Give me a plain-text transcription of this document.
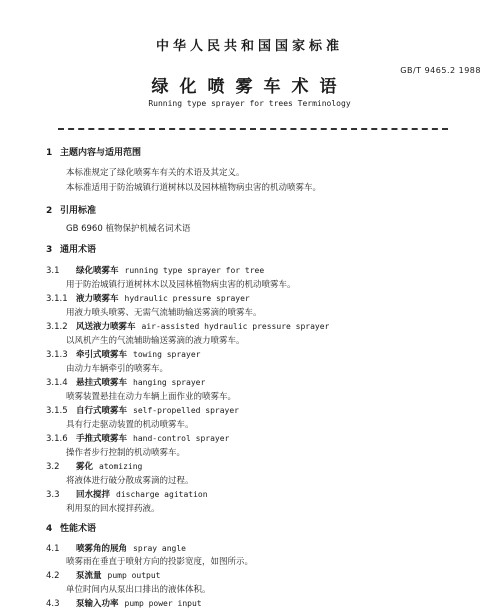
中华人民共和国国家标准
GB/T 9465.2 1988
绿化喷雾车术语
Running type sprayer for trees Terminology
1 主题内容与适用范围
本标准规定了绿化喷雾车有关的术语及其定义。
本标准适用于防治城镇行道树林以及园林植物病虫害的机动喷雾车。
2 引用标准
GB 6960 植物保护机械名词术语
3 通用术语
3.1 绿化喷雾车 running type sprayer for tree
用于防治城镇行道树林木以及园林植物病虫害的机动喷雾车。
3.1.1 液力喷雾车 hydraulic pressure sprayer
用液力喷头喷雾、无需气流辅助输送雾滴的喷雾车。
3.1.2 风送液力喷雾车 air-assisted hydraulic pressure sprayer
以风机产生的气流辅助输送雾滴的液力喷雾车。
3.1.3 牵引式喷雾车 towing sprayer
由动力车辆牵引的喷雾车。
3.1.4 悬挂式喷雾车 hanging sprayer
喷雾装置悬挂在动力车辆上面作业的喷雾车。
3.1.5 自行式喷雾车 self-propelled sprayer
具有行走驱动装置的机动喷雾车。
3.1.6 手推式喷雾车 hand-control sprayer
操作者步行控制的机动喷雾车。
3.2 雾化 atomizing
将液体进行破分散成雾滴的过程。
3.3 回水搅拌 discharge agitation
利用泵的回水搅拌药液。
4 性能术语
4.1 喷雾角的展角 spray angle
喷雾雨在垂直于喷射方向的投影宽度，如图所示。
4.2 泵流量 pump output
单位时间内从泵出口排出的液体体积。
4.3 泵输入功率 pump power input
